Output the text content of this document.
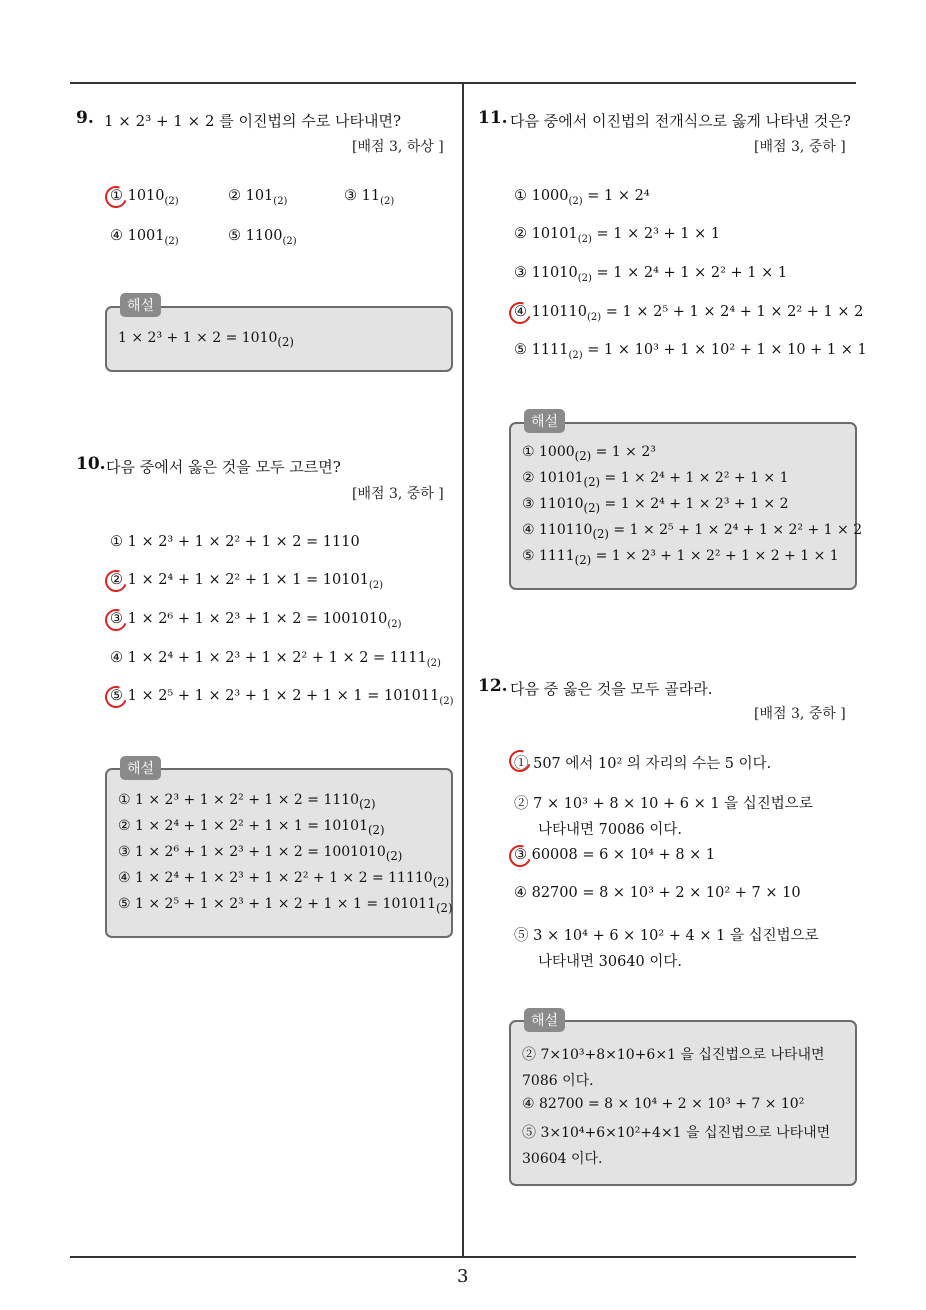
9. 1 × 2³ + 1 × 2 를 이진법의 수로 나타내면?
[배점 3, 하상 ]
① $1010_{(2)}$	② $101_{(2)}$	③ $11_{(2)}$
④ $1001_{(2)}$	⑤ $1100_{(2)}$
해설
$1 \times 2^3 + 1 \times 2 = 1010_{(2)}$
10. 다음 중에서 옳은 것을 모두 고르면?
[배점 3, 중하 ]
① 1 × 2³ + 1 × 2² + 1 × 2 = 1110
② $1 \times 2^4 + 1 \times 2^2 + 1 \times 1 = 10101_{(2)}$
③ $1 \times 2^6 + 1 \times 2^3 + 1 \times 2 = 1001010_{(2)}$
④ $1 \times 2^4 + 1 \times 2^3 + 1 \times 2^2 + 1 \times 2 = 1111_{(2)}$
⑤ $1 \times 2^5 + 1 \times 2^3 + 1 \times 2 + 1 \times 1 = 101011_{(2)}$
해설
① $1 \times 2^3 + 1 \times 2^2 + 1 \times 2 = 1110_{(2)}$
② $1 \times 2^4 + 1 \times 2^2 + 1 \times 1 = 10101_{(2)}$
③ $1 \times 2^6 + 1 \times 2^3 + 1 \times 2 = 1001010_{(2)}$
④ $1 \times 2^4 + 1 \times 2^3 + 1 \times 2^2 + 1 \times 2 = 11110_{(2)}$
⑤ $1 \times 2^5 + 1 \times 2^3 + 1 \times 2 + 1 \times 1 = 101011_{(2)}$
11. 다음 중에서 이진법의 전개식으로 옳게 나타낸 것은?
[배점 3, 중하 ]
① $1000_{(2)} = 1 \times 2^4$
② $10101_{(2)} = 1 \times 2^3 + 1 \times 1$
③ $11010_{(2)} = 1 \times 2^4 + 1 \times 2^2 + 1 \times 1$
④ $110110_{(2)} = 1 \times 2^5 + 1 \times 2^4 + 1 \times 2^2 + 1 \times 2$
⑤ $1111_{(2)} = 1 \times 10^3 + 1 \times 10^2 + 1 \times 10 + 1 \times 1$
해설
① $1000_{(2)} = 1 \times 2^3$
② $10101_{(2)} = 1 \times 2^4 + 1 \times 2^2 + 1 \times 1$
③ $11010_{(2)} = 1 \times 2^4 + 1 \times 2^3 + 1 \times 2$
④ $110110_{(2)} = 1 \times 2^5 + 1 \times 2^4 + 1 \times 2^2 + 1 \times 2$
⑤ $1111_{(2)} = 1 \times 2^3 + 1 \times 2^2 + 1 \times 2 + 1 \times 1$
12. 다음 중 옳은 것을 모두 골라라.
[배점 3, 중하 ]
① 507 에서 10² 의 자리의 수는 5 이다.
② 7 × 10³ + 8 × 10 + 6 × 1 을 십진법으로
나타내면 70086 이다.
③ 60008 = 6 × 10⁴ + 8 × 1
④ 82700 = 8 × 10³ + 2 × 10² + 7 × 10
⑤ 3 × 10⁴ + 6 × 10² + 4 × 1 을 십진법으로
나타내면 30640 이다.
해설
② 7×10³+8×10+6×1 을 십진법으로 나타내면
7086 이다.
④ 82700 = 8 × 10⁴ + 2 × 10³ + 7 × 10²
⑤ 3×10⁴+6×10²+4×1 을 십진법으로 나타내면
30604 이다.
3
